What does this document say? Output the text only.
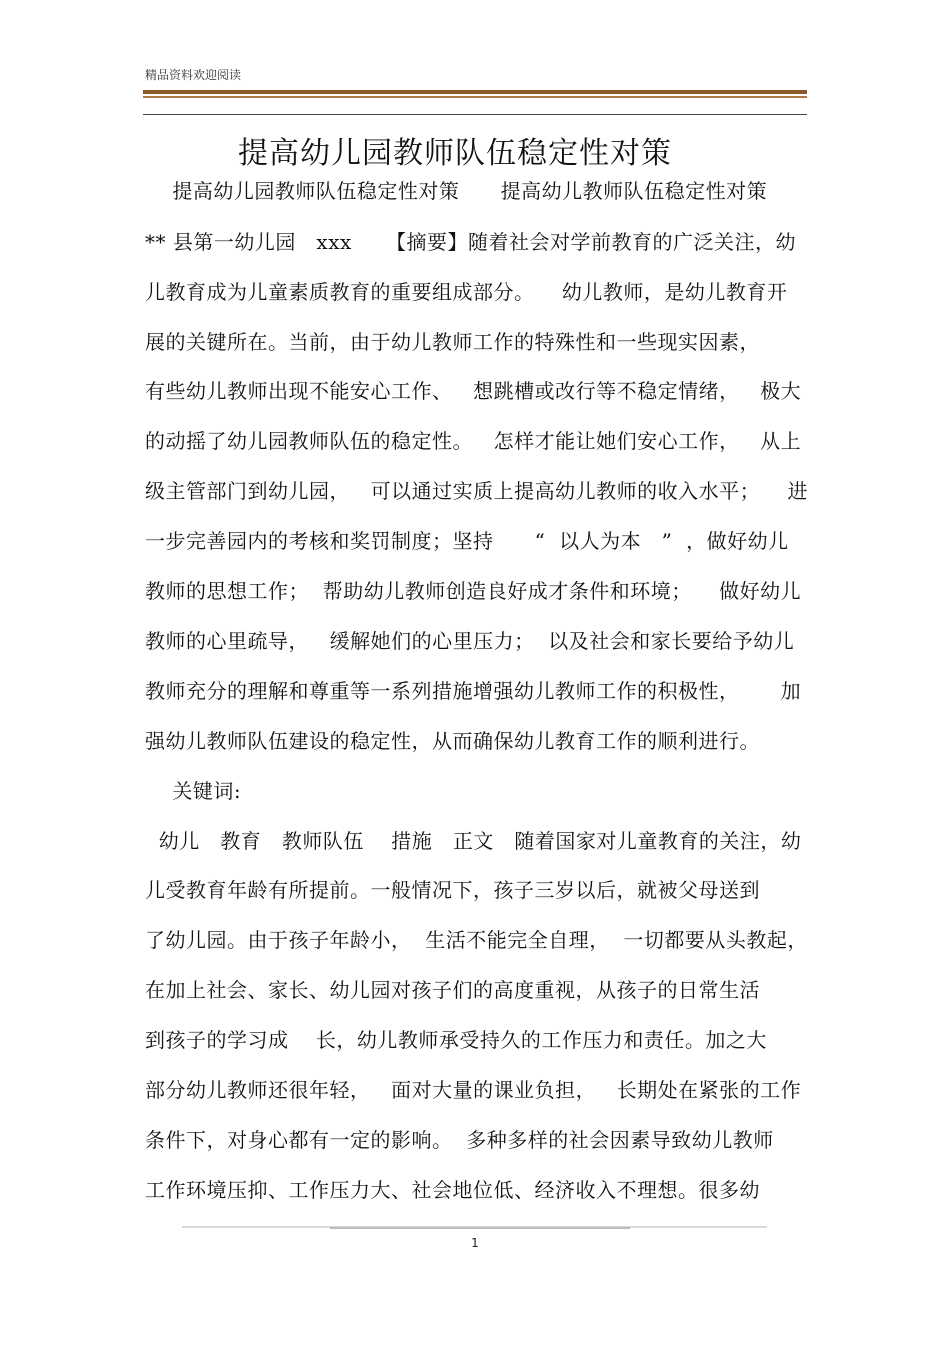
精品资料欢迎阅读
提高幼儿园教师队伍稳定性对策
提高幼儿园教师队伍稳定性对策      提高幼儿教师队伍稳定性对策
** 县第一幼儿园   xxx     【摘要】随着社会对学前教育的广泛关注，幼
儿教育成为儿童素质教育的重要组成部分。    幼儿教师，是幼儿教育开
展的关键所在。当前，由于幼儿教师工作的特殊性和一些现实因素，
有些幼儿教师出现不能安心工作、   想跳槽或改行等不稳定情绪，   极大
的动摇了幼儿园教师队伍的稳定性。   怎样才能让她们安心工作，   从上
级主管部门到幼儿园，   可以通过实质上提高幼儿教师的收入水平；    进
一步完善园内的考核和奖罚制度；坚持      “  以人为本   ”  ，做好幼儿
教师的思想工作；  帮助幼儿教师创造良好成才条件和环境；    做好幼儿
教师的心里疏导，   缓解她们的心里压力；  以及社会和家长要给予幼儿
教师充分的理解和尊重等一系列措施增强幼儿教师工作的积极性，      加
强幼儿教师队伍建设的稳定性，从而确保幼儿教育工作的顺利进行。
关键词:
幼儿   教育   教师队伍    措施   正文   随着国家对儿童教育的关注，幼
儿受教育年龄有所提前。一般情况下，孩子三岁以后，就被父母送到
了幼儿园。由于孩子年龄小，  生活不能完全自理，  一切都要从头教起，
在加上社会、家长、幼儿园对孩子们的高度重视，从孩子的日常生活
到孩子的学习成    长，幼儿教师承受持久的工作压力和责任。加之大
部分幼儿教师还很年轻，   面对大量的课业负担，   长期处在紧张的工作
条件下，对身心都有一定的影响。  多种多样的社会因素导致幼儿教师
工作环境压抑、工作压力大、社会地位低、经济收入不理想。很多幼
1
